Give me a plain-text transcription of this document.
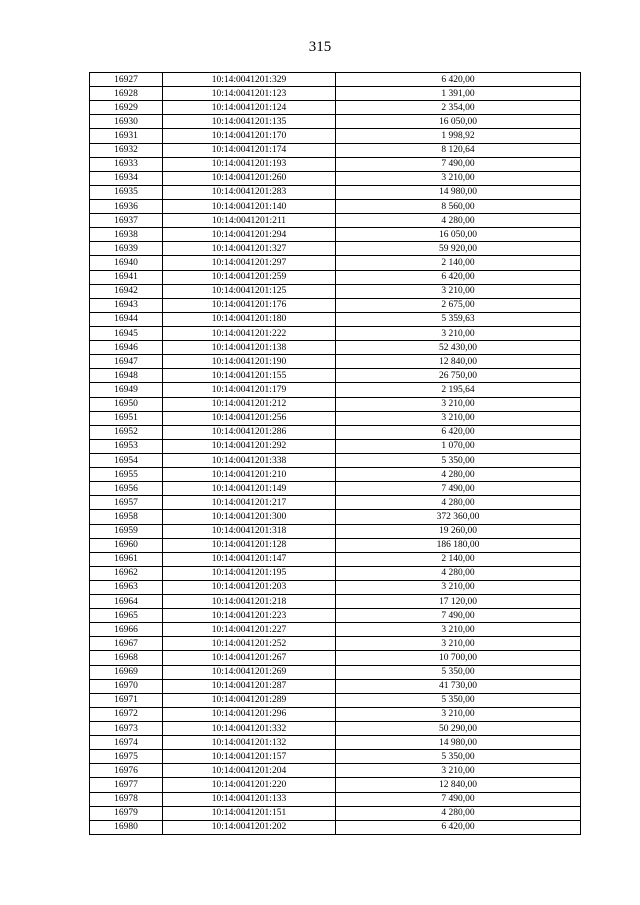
315
16927	10:14:0041201:329	6 420,00
16928	10:14:0041201:123	1 391,00
16929	10:14:0041201:124	2 354,00
16930	10:14:0041201:135	16 050,00
16931	10:14:0041201:170	1 998,92
16932	10:14:0041201:174	8 120,64
16933	10:14:0041201:193	7 490,00
16934	10:14:0041201:260	3 210,00
16935	10:14:0041201:283	14 980,00
16936	10:14:0041201:140	8 560,00
16937	10:14:0041201:211	4 280,00
16938	10:14:0041201:294	16 050,00
16939	10:14:0041201:327	59 920,00
16940	10:14:0041201:297	2 140,00
16941	10:14:0041201:259	6 420,00
16942	10:14:0041201:125	3 210,00
16943	10:14:0041201:176	2 675,00
16944	10:14:0041201:180	5 359,63
16945	10:14:0041201:222	3 210,00
16946	10:14:0041201:138	52 430,00
16947	10:14:0041201:190	12 840,00
16948	10:14:0041201:155	26 750,00
16949	10:14:0041201:179	2 195,64
16950	10:14:0041201:212	3 210,00
16951	10:14:0041201:256	3 210,00
16952	10:14:0041201:286	6 420,00
16953	10:14:0041201:292	1 070,00
16954	10:14:0041201:338	5 350,00
16955	10:14:0041201:210	4 280,00
16956	10:14:0041201:149	7 490,00
16957	10:14:0041201:217	4 280,00
16958	10:14:0041201:300	372 360,00
16959	10:14:0041201:318	19 260,00
16960	10:14:0041201:128	186 180,00
16961	10:14:0041201:147	2 140,00
16962	10:14:0041201:195	4 280,00
16963	10:14:0041201:203	3 210,00
16964	10:14:0041201:218	17 120,00
16965	10:14:0041201:223	7 490,00
16966	10:14:0041201:227	3 210,00
16967	10:14:0041201:252	3 210,00
16968	10:14:0041201:267	10 700,00
16969	10:14:0041201:269	5 350,00
16970	10:14:0041201:287	41 730,00
16971	10:14:0041201:289	5 350,00
16972	10:14:0041201:296	3 210,00
16973	10:14:0041201:332	50 290,00
16974	10:14:0041201:132	14 980,00
16975	10:14:0041201:157	5 350,00
16976	10:14:0041201:204	3 210,00
16977	10:14:0041201:220	12 840,00
16978	10:14:0041201:133	7 490,00
16979	10:14:0041201:151	4 280,00
16980	10:14:0041201:202	6 420,00
